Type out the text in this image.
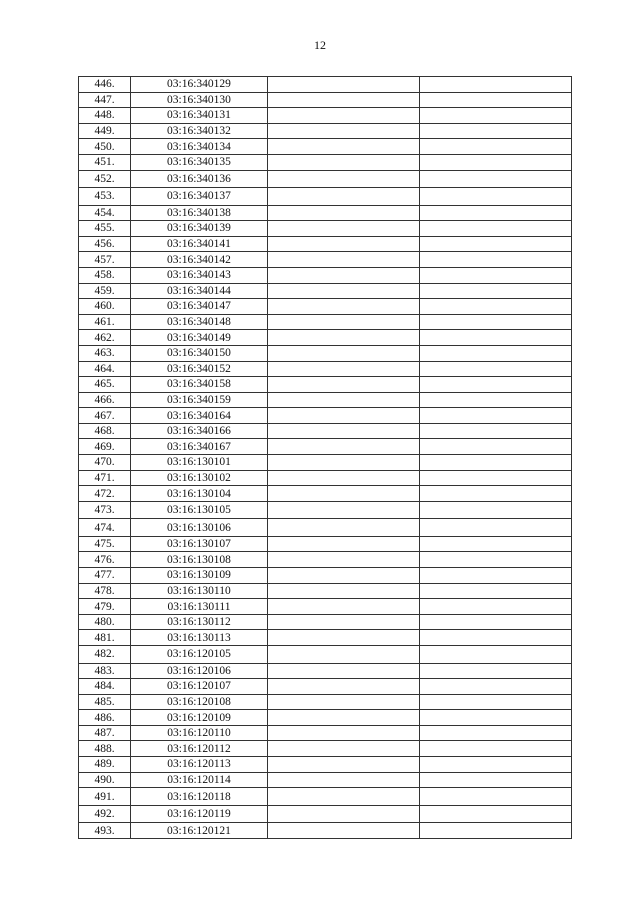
12
446.	03:16:340129		
447.	03:16:340130		
448.	03:16:340131		
449.	03:16:340132		
450.	03:16:340134		
451.	03:16:340135		
452.	03:16:340136		
453.	03:16:340137		
454.	03:16:340138		
455.	03:16:340139		
456.	03:16:340141		
457.	03:16:340142		
458.	03:16:340143		
459.	03:16:340144		
460.	03:16:340147		
461.	03:16:340148		
462.	03:16:340149		
463.	03:16:340150		
464.	03:16:340152		
465.	03:16:340158		
466.	03:16:340159		
467.	03:16:340164		
468.	03:16:340166		
469.	03:16:340167		
470.	03:16:130101		
471.	03:16:130102		
472.	03:16:130104		
473.	03:16:130105		
474.	03:16:130106		
475.	03:16:130107		
476.	03:16:130108		
477.	03:16:130109		
478.	03:16:130110		
479.	03:16:130111		
480.	03:16:130112		
481.	03:16:130113		
482.	03:16:120105		
483.	03:16:120106		
484.	03:16:120107		
485.	03:16:120108		
486.	03:16:120109		
487.	03:16:120110		
488.	03:16:120112		
489.	03:16:120113		
490.	03:16:120114		
491.	03:16:120118		
492.	03:16:120119		
493.	03:16:120121		
